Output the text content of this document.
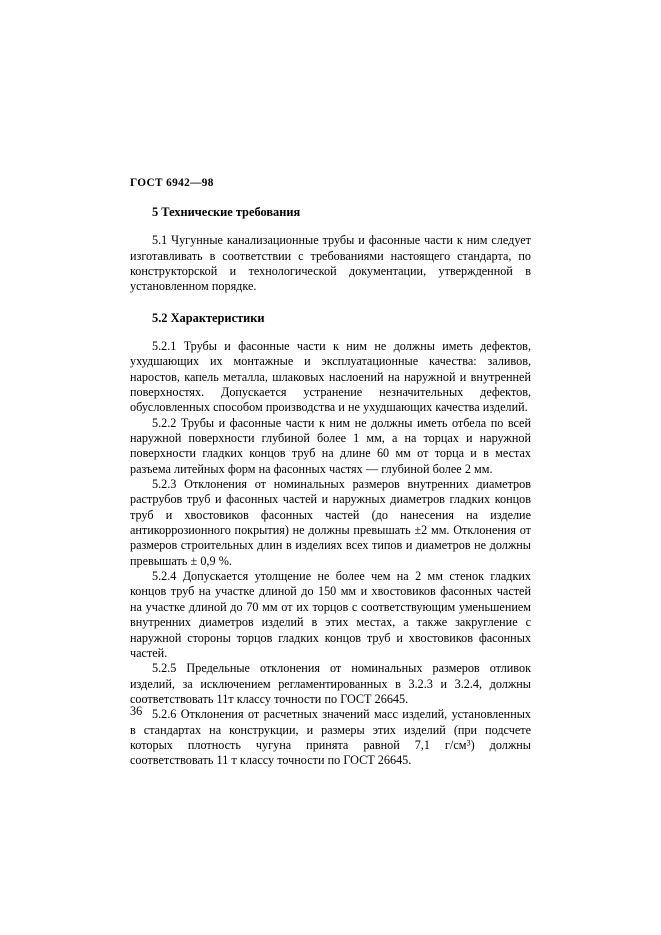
ГОСТ 6942—98
5 Технические требования

5.1 Чугунные канализационные трубы и фасонные части к ним следует изготавливать в соответствии с требованиями настоящего стандарта, по конструкторской и технологической документации, утвержденной в установленном порядке.

5.2 Характеристики

5.2.1 Трубы и фасонные части к ним не должны иметь дефектов, ухудшающих их монтажные и эксплуатационные качества: заливов, наростов, капель металла, шлаковых наслоений на наружной и внутренней поверхностях. Допускается устранение незначительных дефектов, обусловленных способом производства и не ухудшающих качества изделий.

5.2.2 Трубы и фасонные части к ним не должны иметь отбела по всей наружной поверхности глубиной более 1 мм, а на торцах и наружной поверхности гладких концов труб на длине 60 мм от торца и в местах разъема литейных форм на фасонных частях — глубиной более 2 мм.

5.2.3 Отклонения от номинальных размеров внутренних диаметров раструбов труб и фасонных частей и наружных диаметров гладких концов труб и хвостовиков фасонных частей (до нанесения на изделие антикоррозионного покрытия) не должны превышать ±2 мм. Отклонения от размеров строительных длин в изделиях всех типов и диаметров не должны превышать ± 0,9 %.

5.2.4 Допускается утолщение не более чем на 2 мм стенок гладких концов труб на участке длиной до 150 мм и хвостовиков фасонных частей на участке длиной до 70 мм от их торцов с соответствующим уменьшением внутренних диаметров изделий в этих местах, а также закругление с наружной стороны торцов гладких концов труб и хвостовиков фасонных частей.

5.2.5 Предельные отклонения от номинальных размеров отливок изделий, за исключением регламентированных в 3.2.3 и 3.2.4, должны соответствовать 11т классу точности по ГОСТ 26645.

5.2.6 Отклонения от расчетных значений масс изделий, установленных в стандартах на конструкции, и размеры этих изделий (при подсчете которых плотность чугуна принята равной 7,1 $г/см^3$) должны соответствовать 11 т классу точности по ГОСТ 26645.

36
